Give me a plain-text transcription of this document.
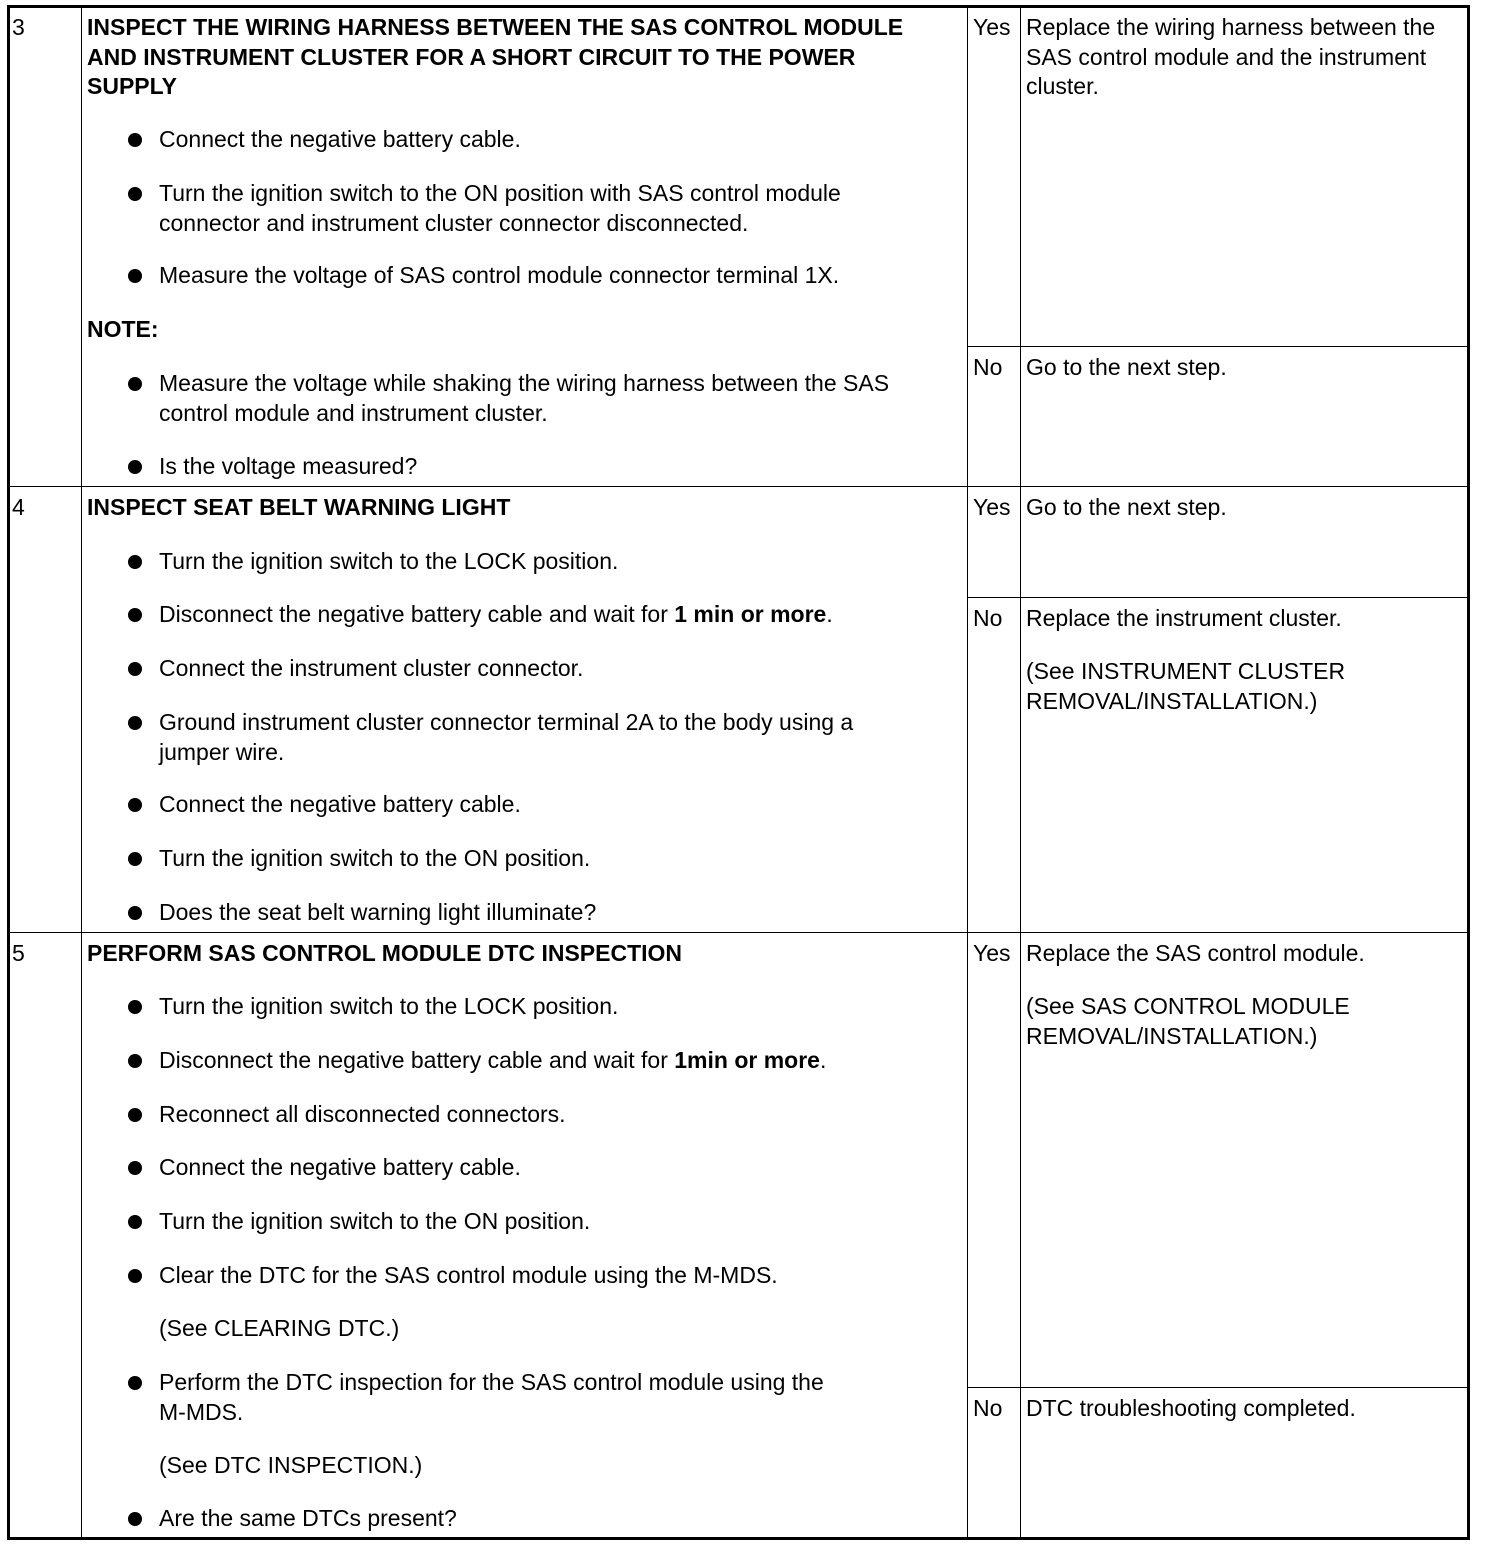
3	INSPECT THE WIRING HARNESS BETWEEN THE SAS CONTROL MODULE
AND INSTRUMENT CLUSTER FOR A SHORT CIRCUIT TO THE POWER
SUPPLY
Connect the negative battery cable.
Turn the ignition switch to the ON position with SAS control module
connector and instrument cluster connector disconnected.
Measure the voltage of SAS control module connector terminal 1X.
NOTE:
Measure the voltage while shaking the wiring harness between the SAS
control module and instrument cluster.
Is the voltage measured?
Yes Replace the wiring harness between the
SAS control module and the instrument
cluster.
No Go to the next step.
4	INSPECT SEAT BELT WARNING LIGHT
Turn the ignition switch to the LOCK position.
Disconnect the negative battery cable and wait for 1 min or more.
Connect the instrument cluster connector.
Ground instrument cluster connector terminal 2A to the body using a
jumper wire.
Connect the negative battery cable.
Turn the ignition switch to the ON position.
Does the seat belt warning light illuminate?
Yes Go to the next step.
No Replace the instrument cluster.
(See INSTRUMENT CLUSTER
REMOVAL/INSTALLATION.)
5	PERFORM SAS CONTROL MODULE DTC INSPECTION
Turn the ignition switch to the LOCK position.
Disconnect the negative battery cable and wait for 1min or more.
Reconnect all disconnected connectors.
Connect the negative battery cable.
Turn the ignition switch to the ON position.
Clear the DTC for the SAS control module using the M-MDS.
(See CLEARING DTC.)
Perform the DTC inspection for the SAS control module using the
M-MDS.
(See DTC INSPECTION.)
Are the same DTCs present?
Yes Replace the SAS control module.
(See SAS CONTROL MODULE
REMOVAL/INSTALLATION.)
No DTC troubleshooting completed.
